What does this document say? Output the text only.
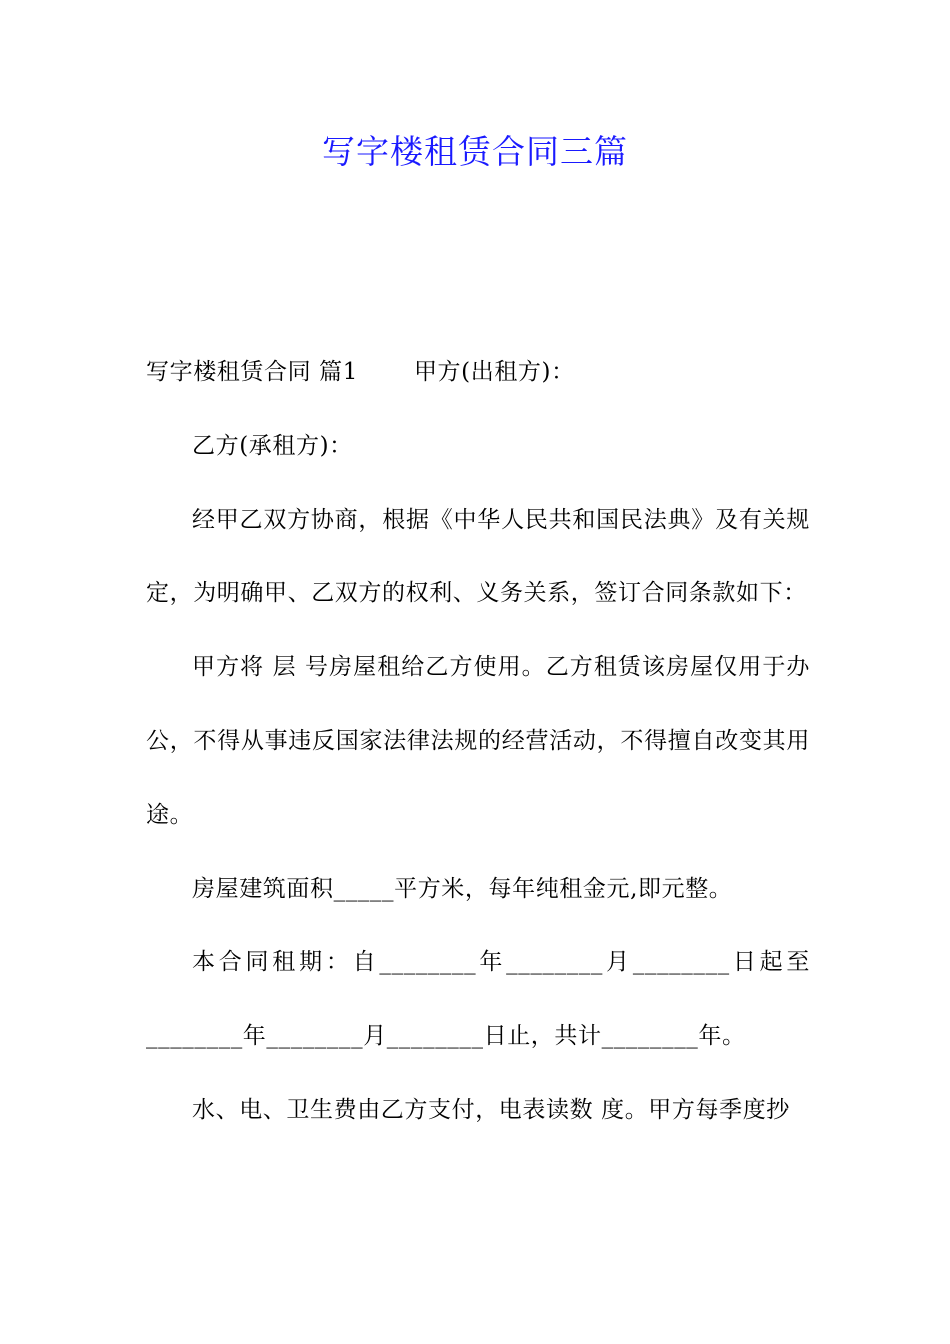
写字楼租赁合同三篇

写字楼租赁合同 篇1 甲方(出租方)：

乙方(承租方)：

经甲乙双方协商，根据《中华人民共和国民法典》及有关规定，为明确甲、乙双方的权利、义务关系，签订合同条款如下：

甲方将 层 号房屋租给乙方使用。乙方租赁该房屋仅用于办公，不得从事违反国家法律法规的经营活动，不得擅自改变其用途。

房屋建筑面积_____平方米，每年纯租金元,即元整。

本合同租期：自________年________月________日起至________年________月________日止，共计________年。

水、电、卫生费由乙方支付，电表读数 度。甲方每季度抄
